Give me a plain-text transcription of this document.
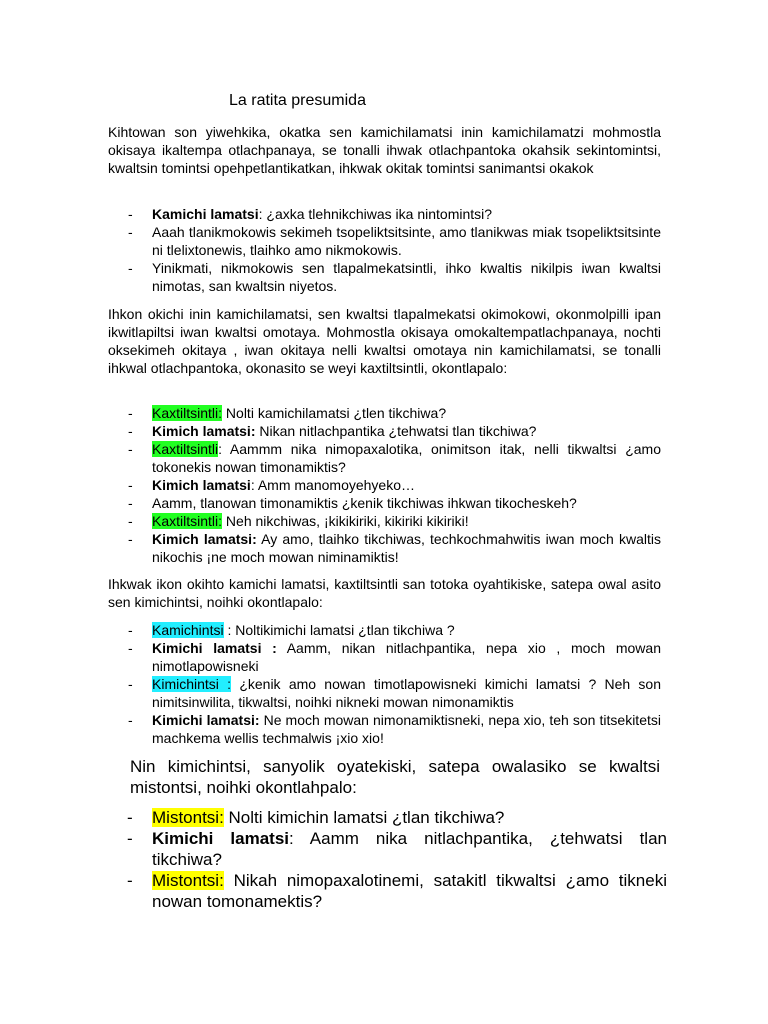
La ratita presumida
Kihtowan son yiwehkika, okatka sen kamichilamatsi inin kamichilamatzi mohmostla okisaya ikaltempa otlachpanaya, se tonalli ihwak otlachpantoka okahsik sekintomintsi, kwaltsin tomintsi opehpetlantikatkan, ihkwak okitak tomintsi sanimantsi okakok
- Kamichi lamatsi: ¿axka tlehnikchiwas ika nintomintsi?
- Aaah tlanikmokowis sekimeh tsopeliktsitsinte, amo tlanikwas miak tsopeliktsitsinte ni tlelixtonewis, tlaihko amo nikmokowis.
- Yinikmati, nikmokowis sen tlapalmekatsintli, ihko kwaltis nikilpis iwan kwaltsi nimotas, san kwaltsin niyetos.
Ihkon okichi inin kamichilamatsi, sen kwaltsi tlapalmekatsi okimokowi, okonmolpilli ipan ikwitlapiltsi iwan kwaltsi omotaya. Mohmostla okisaya omokaltempatlachpanaya, nochti oksekimeh okitaya , iwan okitaya nelli kwaltsi omotaya nin kamichilamatsi, se tonalli ihkwal otlachpantoka, okonasito se weyi kaxtiltsintli, okontlapalo:
- Kaxtiltsintli: Nolti kamichilamatsi ¿tlen tikchiwa?
- Kimich lamatsi: Nikan nitlachpantika ¿tehwatsi tlan tikchiwa?
- Kaxtiltsintli: Aammm nika nimopaxalotika, onimitson itak, nelli tikwaltsi ¿amo tokonekis nowan timonamiktis?
- Kimich lamatsi: Amm manomoyehyeko…
- Aamm, tlanowan timonamiktis ¿kenik tikchiwas ihkwan tikocheskeh?
- Kaxtiltsintli: Neh nikchiwas, ¡kikikiriki, kikiriki kikiriki!
- Kimich lamatsi: Ay amo, tlaihko tikchiwas, techkochmahwitis iwan moch kwaltis nikochis ¡ne moch mowan niminamiktis!
Ihkwak ikon okihto kamichi lamatsi, kaxtiltsintli san totoka oyahtikiske, satepa owal asito sen kimichintsi, noihki okontlapalo:
- Kamichintsi : Noltikimichi lamatsi ¿tlan tikchiwa ?
- Kimichi lamatsi : Aamm, nikan nitlachpantika, nepa xio , moch mowan nimotlapowisneki
- Kimichintsi : ¿kenik amo nowan timotlapowisneki kimichi lamatsi ? Neh son nimitsinwilita, tikwaltsi, noihki nikneki mowan nimonamiktis
- Kimichi lamatsi: Ne moch mowan nimonamiktisneki, nepa xio, teh son titsekitetsi machkema wellis techmalwis ¡xio xio!
Nin kimichintsi, sanyolik oyatekiski, satepa owalasiko se kwaltsi mistontsi, noihki okontlahpalo:
- Mistontsi: Nolti kimichin lamatsi ¿tlan tikchiwa?
- Kimichi lamatsi: Aamm nika nitlachpantika, ¿tehwatsi tlan tikchiwa?
- Mistontsi: Nikah nimopaxalotinemi, satakitl tikwaltsi ¿amo tikneki nowan tomonamektis?
